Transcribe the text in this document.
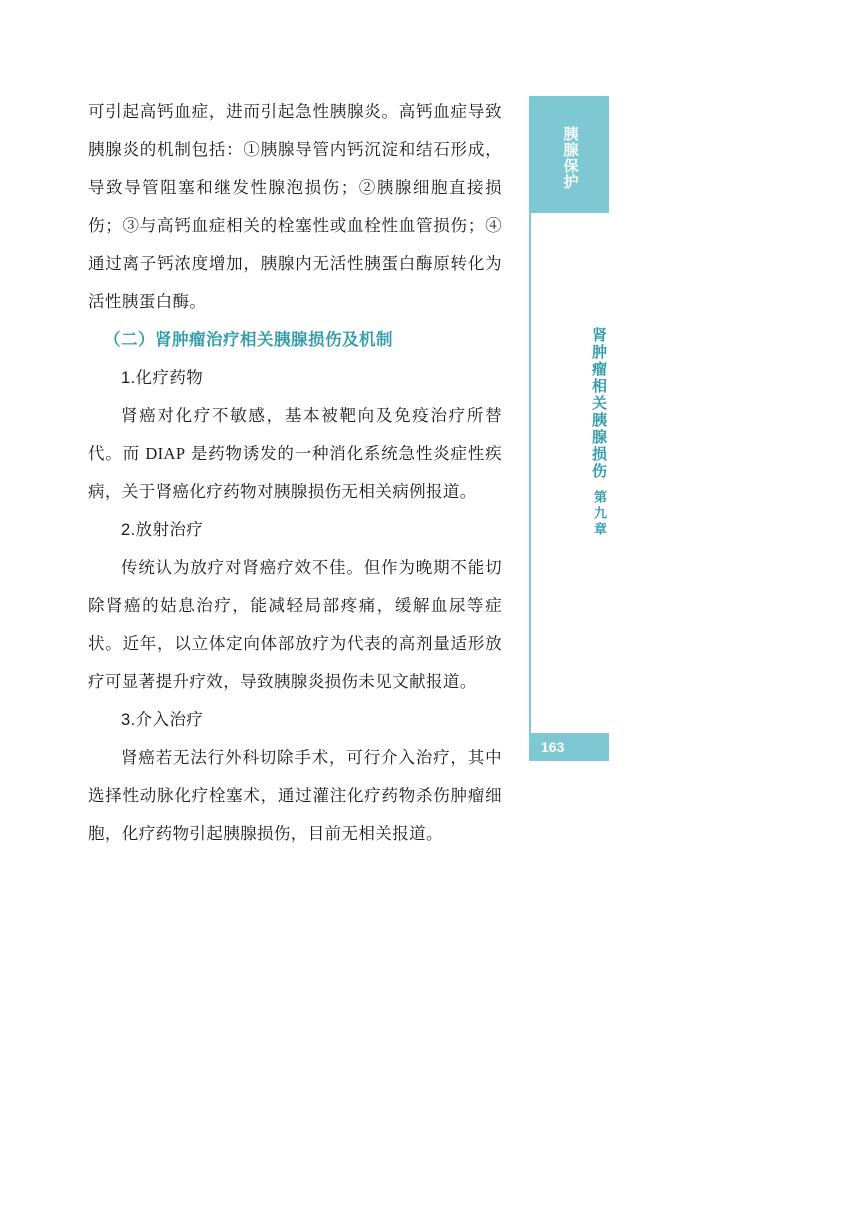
可引起高钙血症，进而引起急性胰腺炎。高钙血症导致胰腺炎的机制包括：①胰腺导管内钙沉淀和结石形成，导致导管阻塞和继发性腺泡损伤；②胰腺细胞直接损伤；③与高钙血症相关的栓塞性或血栓性血管损伤；④通过离子钙浓度增加，胰腺内无活性胰蛋白酶原转化为活性胰蛋白酶。

（二）肾肿瘤治疗相关胰腺损伤及机制

1.化疗药物

肾癌对化疗不敏感，基本被靶向及免疫治疗所替代。而 DIAP 是药物诱发的一种消化系统急性炎症性疾病，关于肾癌化疗药物对胰腺损伤无相关病例报道。

2.放射治疗

传统认为放疗对肾癌疗效不佳。但作为晚期不能切除肾癌的姑息治疗，能减轻局部疼痛，缓解血尿等症状。近年，以立体定向体部放疗为代表的高剂量适形放疗可显著提升疗效，导致胰腺炎损伤未见文献报道。

3.介入治疗

肾癌若无法行外科切除手术，可行介入治疗，其中选择性动脉化疗栓塞术，通过灌注化疗药物杀伤肿瘤细胞，化疗药物引起胰腺损伤，目前无相关报道。

胰腺保护
第九章
肾肿瘤相关胰腺损伤
163
